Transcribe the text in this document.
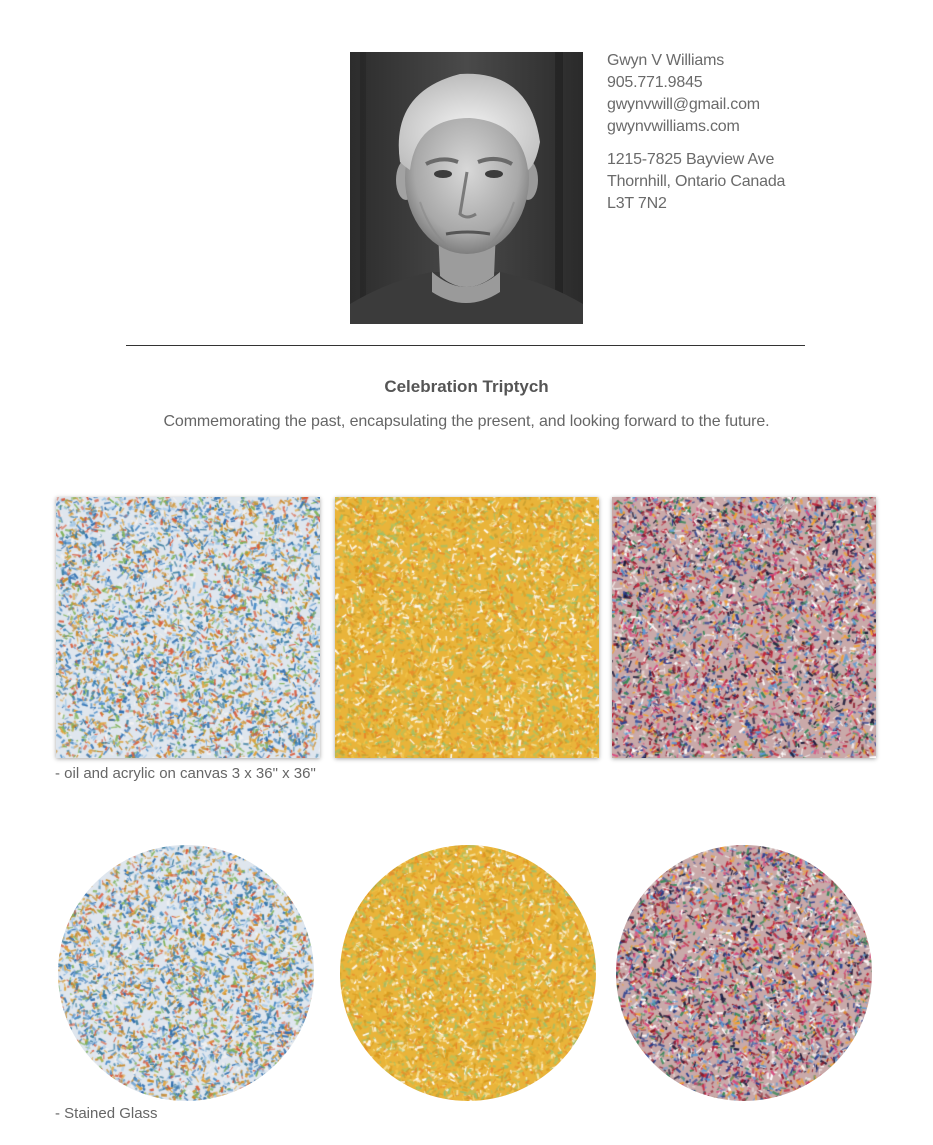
Gwyn V Williams
905.771.9845
gwynvwill@gmail.com
gwynvwilliams.com
1215-7825 Bayview Ave
Thornhill, Ontario Canada
L3T 7N2
Celebration Triptych
Commemorating the past, encapsulating the present, and looking forward to the future.
- oil and acrylic on canvas 3 x 36" x 36"
- Stained Glass
